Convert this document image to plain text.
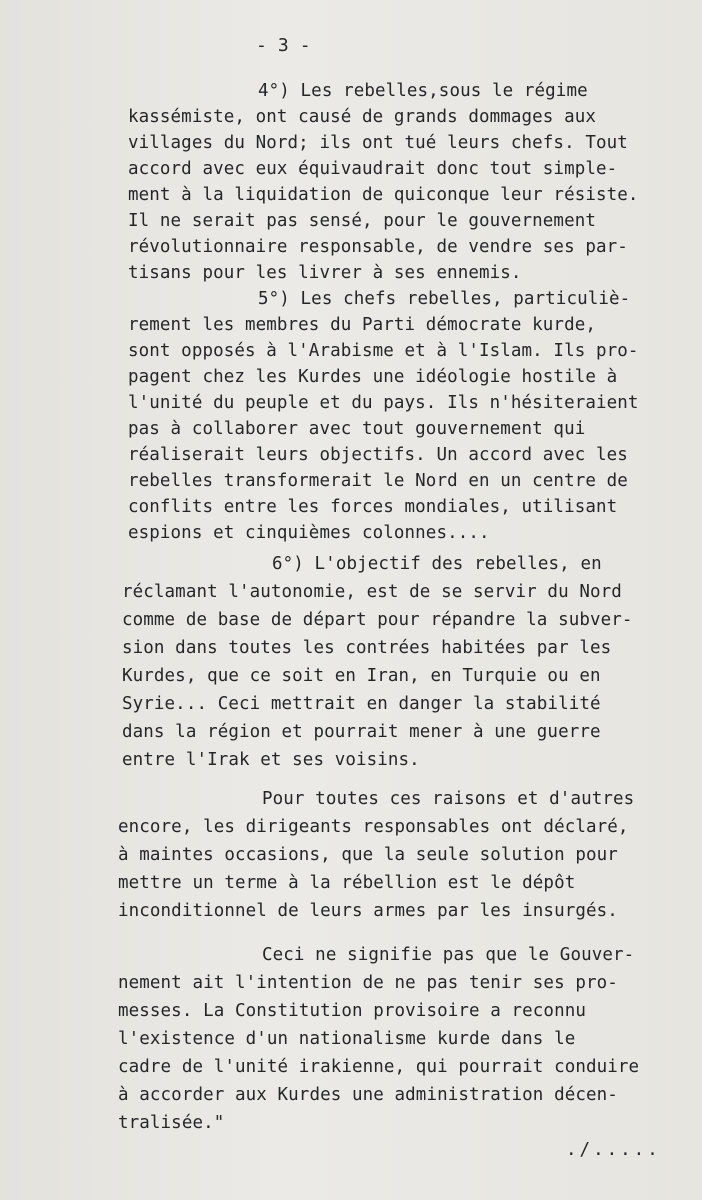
- 3 -
4°) Les rebelles,sous le régime
kassémiste, ont causé de grands dommages aux
villages du Nord; ils ont tué leurs chefs. Tout
accord avec eux équivaudrait donc tout simple-
ment à la liquidation de quiconque leur résiste.
Il ne serait pas sensé, pour le gouvernement
révolutionnaire responsable, de vendre ses par-
tisans pour les livrer à ses ennemis.
5°) Les chefs rebelles, particuliè-
rement les membres du Parti démocrate kurde,
sont opposés à l'Arabisme et à l'Islam. Ils pro-
pagent chez les Kurdes une idéologie hostile à
l'unité du peuple et du pays. Ils n'hésiteraient
pas à collaborer avec tout gouvernement qui
réaliserait leurs objectifs. Un accord avec les
rebelles transformerait le Nord en un centre de
conflits entre les forces mondiales, utilisant
espions et cinquièmes colonnes....
6°) L'objectif des rebelles, en
réclamant l'autonomie, est de se servir du Nord
comme de base de départ pour répandre la subver-
sion dans toutes les contrées habitées par les
Kurdes, que ce soit en Iran, en Turquie ou en
Syrie... Ceci mettrait en danger la stabilité
dans la région et pourrait mener à une guerre
entre l'Irak et ses voisins.
Pour toutes ces raisons et d'autres
encore, les dirigeants responsables ont déclaré,
à maintes occasions, que la seule solution pour
mettre un terme à la rébellion est le dépôt
inconditionnel de leurs armes par les insurgés.
Ceci ne signifie pas que le Gouver-
nement ait l'intention de ne pas tenir ses pro-
messes. La Constitution provisoire a reconnu
l'existence d'un nationalisme kurde dans le
cadre de l'unité irakienne, qui pourrait conduire
à accorder aux Kurdes une administration décen-
tralisée."
./.....
